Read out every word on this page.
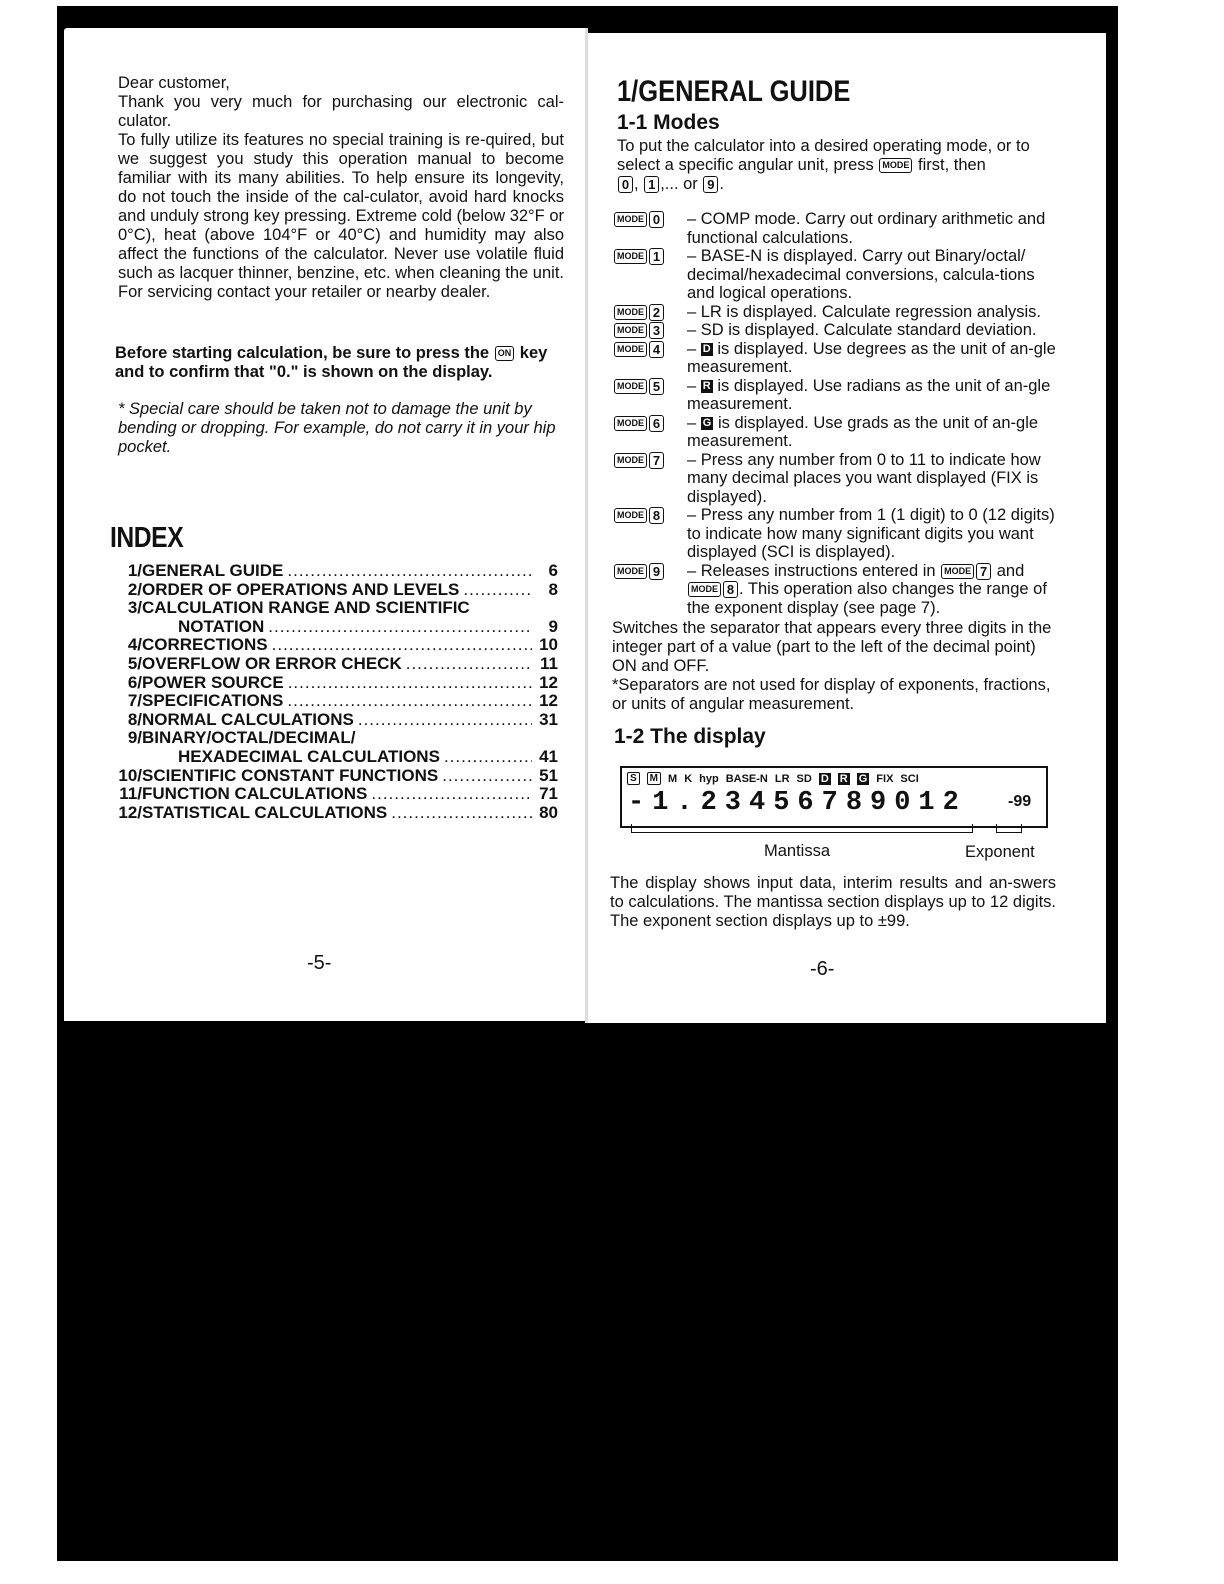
Dear customer,

Thank you very much for purchasing our electronic cal-culator.

To fully utilize its features no special training is re-quired, but we suggest you study this operation manual to become familiar with its many abilities. To help ensure its longevity, do not touch the inside of the cal-culator, avoid hard knocks and unduly strong key pressing. Extreme cold (below 32°F or 0°C), heat (above 104°F or 40°C) and humidity may also affect the functions of the calculator. Never use volatile fluid such as lacquer thinner, benzine, etc. when cleaning the unit. For servicing contact your retailer or nearby dealer.

Before starting calculation, be sure to press the ON key and to confirm that "0." is shown on the display.
* Special care should be taken not to damage the unit by bending or dropping. For example, do not carry it in your hip pocket.
INDEX
1/ GENERAL GUIDE .....	6
2/ ORDER OF OPERATIONS AND LEVELS .....	8
3/ CALCULATION RANGE AND SCIENTIFIC
NOTATION .....	9
4/ CORRECTIONS .....	10
5/ OVERFLOW OR ERROR CHECK .....	11
6/ POWER SOURCE .....	12
7/ SPECIFICATIONS .....	12
8/ NORMAL CALCULATIONS .....	31
9/ BINARY/OCTAL/DECIMAL/
HEXADECIMAL CALCULATIONS .....	41
10/ SCIENTIFIC CONSTANT FUNCTIONS .....	51
11/ FUNCTION CALCULATIONS .....	71
12/ STATISTICAL CALCULATIONS .....	80
-5-
1/GENERAL GUIDE
1-1 Modes
To put the calculator into a desired operating mode, or to select a specific angular unit, press MODE first, then
0 , 1 ,... or 9 .
MODE 0	– COMP mode. Carry out ordinary arithmetic and functional calculations.
MODE 1	– BASE-N is displayed. Carry out Binary/octal/ decimal/hexadecimal conversions, calcula-tions and logical operations.
MODE 2	– LR is displayed. Calculate regression analysis.
MODE 3	– SD is displayed. Calculate standard deviation.
MODE 4	– D is displayed. Use degrees as the unit of an-gle measurement.
MODE 5	– R is displayed. Use radians as the unit of an-gle measurement.
MODE 6	– G is displayed. Use grads as the unit of an-gle measurement.
MODE 7	– Press any number from 0 to 11 to indicate how many decimal places you want displayed (FIX is displayed).
MODE 8	– Press any number from 1 (1 digit) to 0 (12 digits) to indicate how many significant digits you want displayed (SCI is displayed).
MODE 9	– Releases instructions entered in MODE 7 and MODE 8 . This operation also changes the range of the exponent display (see page 7).
Switches the separator that appears every three digits in the integer part of a value (part to the left of the decimal point) ON and OFF.
*Separators are not used for display of exponents, fractions, or units of angular measurement.
1-2 The display
S	M M K hyp BASE-N LR SD D R G FIX SCI
-1.23456789012	-99
Mantissa	Exponent
The display shows input data, interim results and an-swers to calculations. The mantissa section displays up to 12 digits. The exponent section displays up to ±99.
-6-
